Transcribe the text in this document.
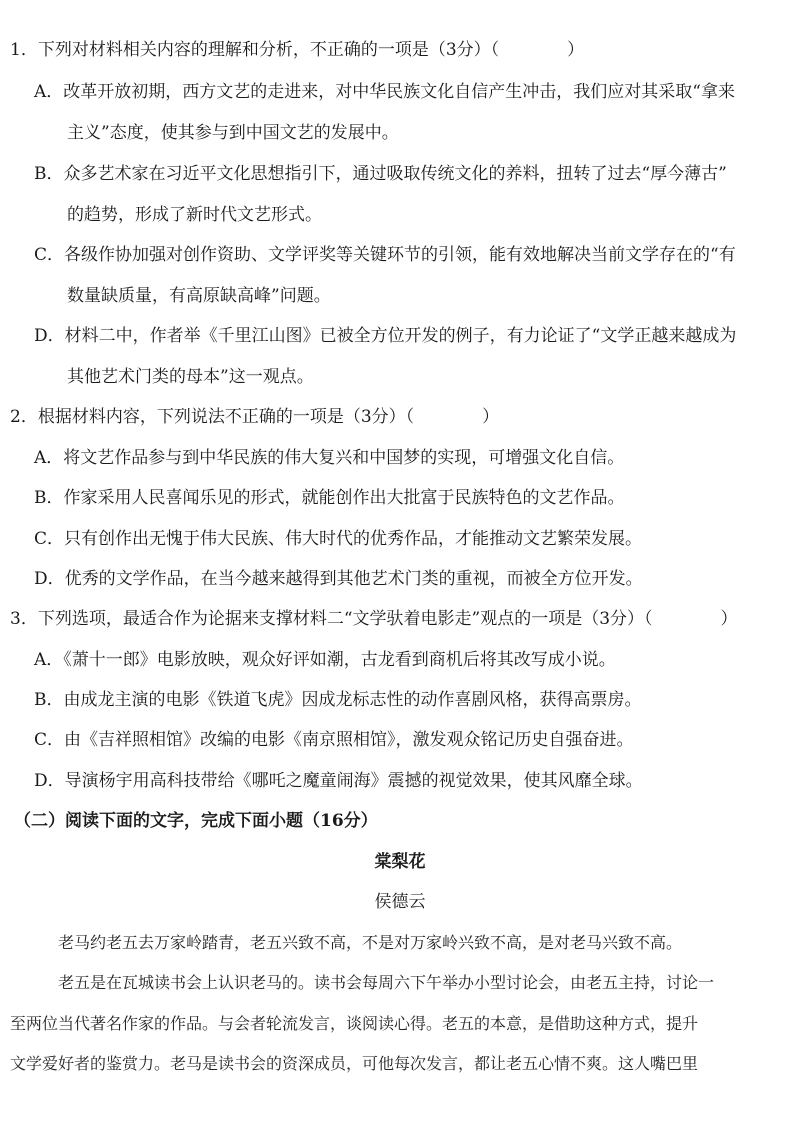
1．下列对材料相关内容的理解和分析，不正确的一项是（3分）（　　　　）
A．改革开放初期，西方文艺的走进来，对中华民族文化自信产生冲击，我们应对其采取“拿来
主义”态度，使其参与到中国文艺的发展中。
B．众多艺术家在习近平文化思想指引下，通过吸取传统文化的养料，扭转了过去“厚今薄古”
的趋势，形成了新时代文艺形式。
C．各级作协加强对创作资助、文学评奖等关键环节的引领，能有效地解决当前文学存在的“有
数量缺质量，有高原缺高峰”问题。
D．材料二中，作者举《千里江山图》已被全方位开发的例子，有力论证了“文学正越来越成为
其他艺术门类的母本”这一观点。
2．根据材料内容，下列说法不正确的一项是（3分）（　　　　）
A．将文艺作品参与到中华民族的伟大复兴和中国梦的实现，可增强文化自信。
B．作家采用人民喜闻乐见的形式，就能创作出大批富于民族特色的文艺作品。
C．只有创作出无愧于伟大民族、伟大时代的优秀作品，才能推动文艺繁荣发展。
D．优秀的文学作品，在当今越来越得到其他艺术门类的重视，而被全方位开发。
3．下列选项，最适合作为论据来支撑材料二“文学驮着电影走”观点的一项是（3分）（　　　　）
A．《萧十一郎》电影放映，观众好评如潮，古龙看到商机后将其改写成小说。
B．由成龙主演的电影《铁道飞虎》因成龙标志性的动作喜剧风格，获得高票房。
C．由《吉祥照相馆》改编的电影《南京照相馆》，激发观众铭记历史自强奋进。
D．导演杨宇用高科技带给《哪吒之魔童闹海》震撼的视觉效果，使其风靡全球。
（二）阅读下面的文字，完成下面小题（16分）
棠梨花
侯德云
老马约老五去万家岭踏青，老五兴致不高，不是对万家岭兴致不高，是对老马兴致不高。
老五是在瓦城读书会上认识老马的。读书会每周六下午举办小型讨论会，由老五主持，讨论一
至两位当代著名作家的作品。与会者轮流发言，谈阅读心得。老五的本意，是借助这种方式，提升
文学爱好者的鉴赏力。老马是读书会的资深成员，可他每次发言，都让老五心情不爽。这人嘴巴里
